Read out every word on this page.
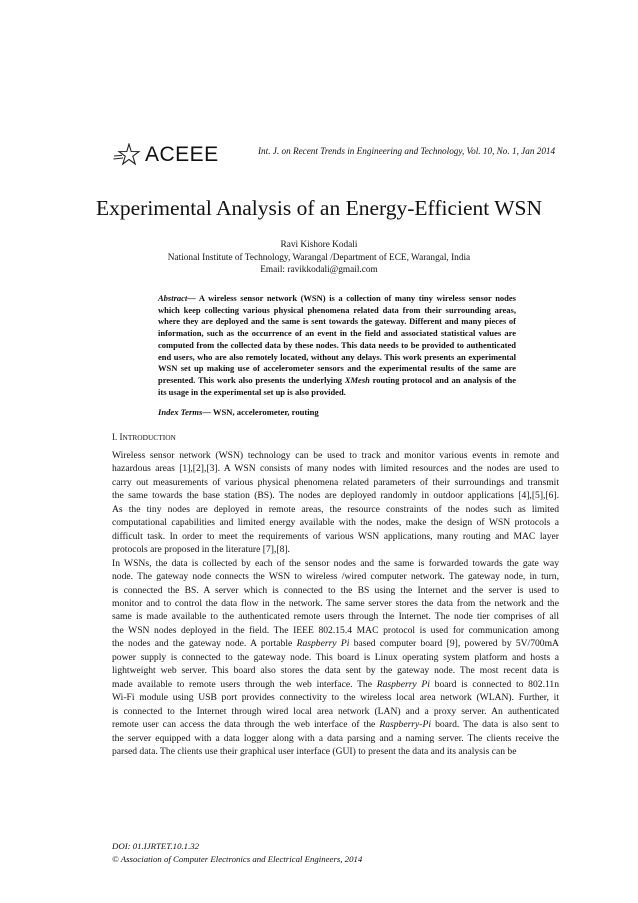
ACEEE	Int. J. on Recent Trends in Engineering and Technology, Vol. 10, No. 1, Jan 2014
Experimental Analysis of an Energy-Efficient WSN
Ravi Kishore Kodali
National Institute of Technology, Warangal /Department of ECE, Warangal, India
Email: ravikkodali@gmail.com
Abstract— A wireless sensor network (WSN) is a collection of many tiny wireless sensor nodes which keep collecting various physical phenomena related data from their surrounding areas, where they are deployed and the same is sent towards the gateway. Different and many pieces of information, such as the occurrence of an event in the field and associated statistical values are computed from the collected data by these nodes. This data needs to be provided to authenticated end users, who are also remotely located, without any delays. This work presents an experimental WSN set up making use of accelerometer sensors and the experimental results of the same are presented. This work also presents the underlying XMesh routing protocol and an analysis of the its usage in the experimental set up is also provided.
Index Terms— WSN, accelerometer, routing
I. INTRODUCTION

Wireless sensor network (WSN) technology can be used to track and monitor various events in remote and

hazardous areas [1],[2],[3]. A WSN consists of many nodes with limited resources and the nodes are used to

carry out measurements of various physical phenomena related parameters of their surroundings and transmit

the same towards the base station (BS). The nodes are deployed randomly in outdoor applications [4],[5],[6].

As the tiny nodes are deployed in remote areas, the resource constraints of the nodes such as limited

computational capabilities and limited energy available with the nodes, make the design of WSN protocols a

difficult task. In order to meet the requirements of various WSN applications, many routing and MAC layer

protocols are proposed in the literature [7],[8].

In WSNs, the data is collected by each of the sensor nodes and the same is forwarded towards the gate way

node. The gateway node connects the WSN to wireless /wired computer network. The gateway node, in turn,

is connected the BS. A server which is connected to the BS using the Internet and the server is used to

monitor and to control the data flow in the network. The same server stores the data from the network and the

same is made available to the authenticated remote users through the Internet. The node tier comprises of all

the WSN nodes deployed in the field. The IEEE 802.15.4 MAC protocol is used for communication among

the nodes and the gateway node. A portable Raspberry Pi based computer board [9], powered by 5V/700mA

power supply is connected to the gateway node. This board is Linux operating system platform and hosts a

lightweight web server. This board also stores the data sent by the gateway node. The most recent data is

made available to remote users through the web interface. The Raspberry Pi board is connected to 802.11n

Wi-Fi module using USB port provides connectivity to the wireless local area network (WLAN). Further, it

is connected to the Internet through wired local area network (LAN) and a proxy server. An authenticated

remote user can access the data through the web interface of the Raspberry-Pi board. The data is also sent to

the server equipped with a data logger along with a data parsing and a naming server. The clients receive the

parsed data. The clients use their graphical user interface (GUI) to present the data and its analysis can be

DOI: 01.IJRTET.10.1.32
© Association of Computer Electronics and Electrical Engineers, 2014
